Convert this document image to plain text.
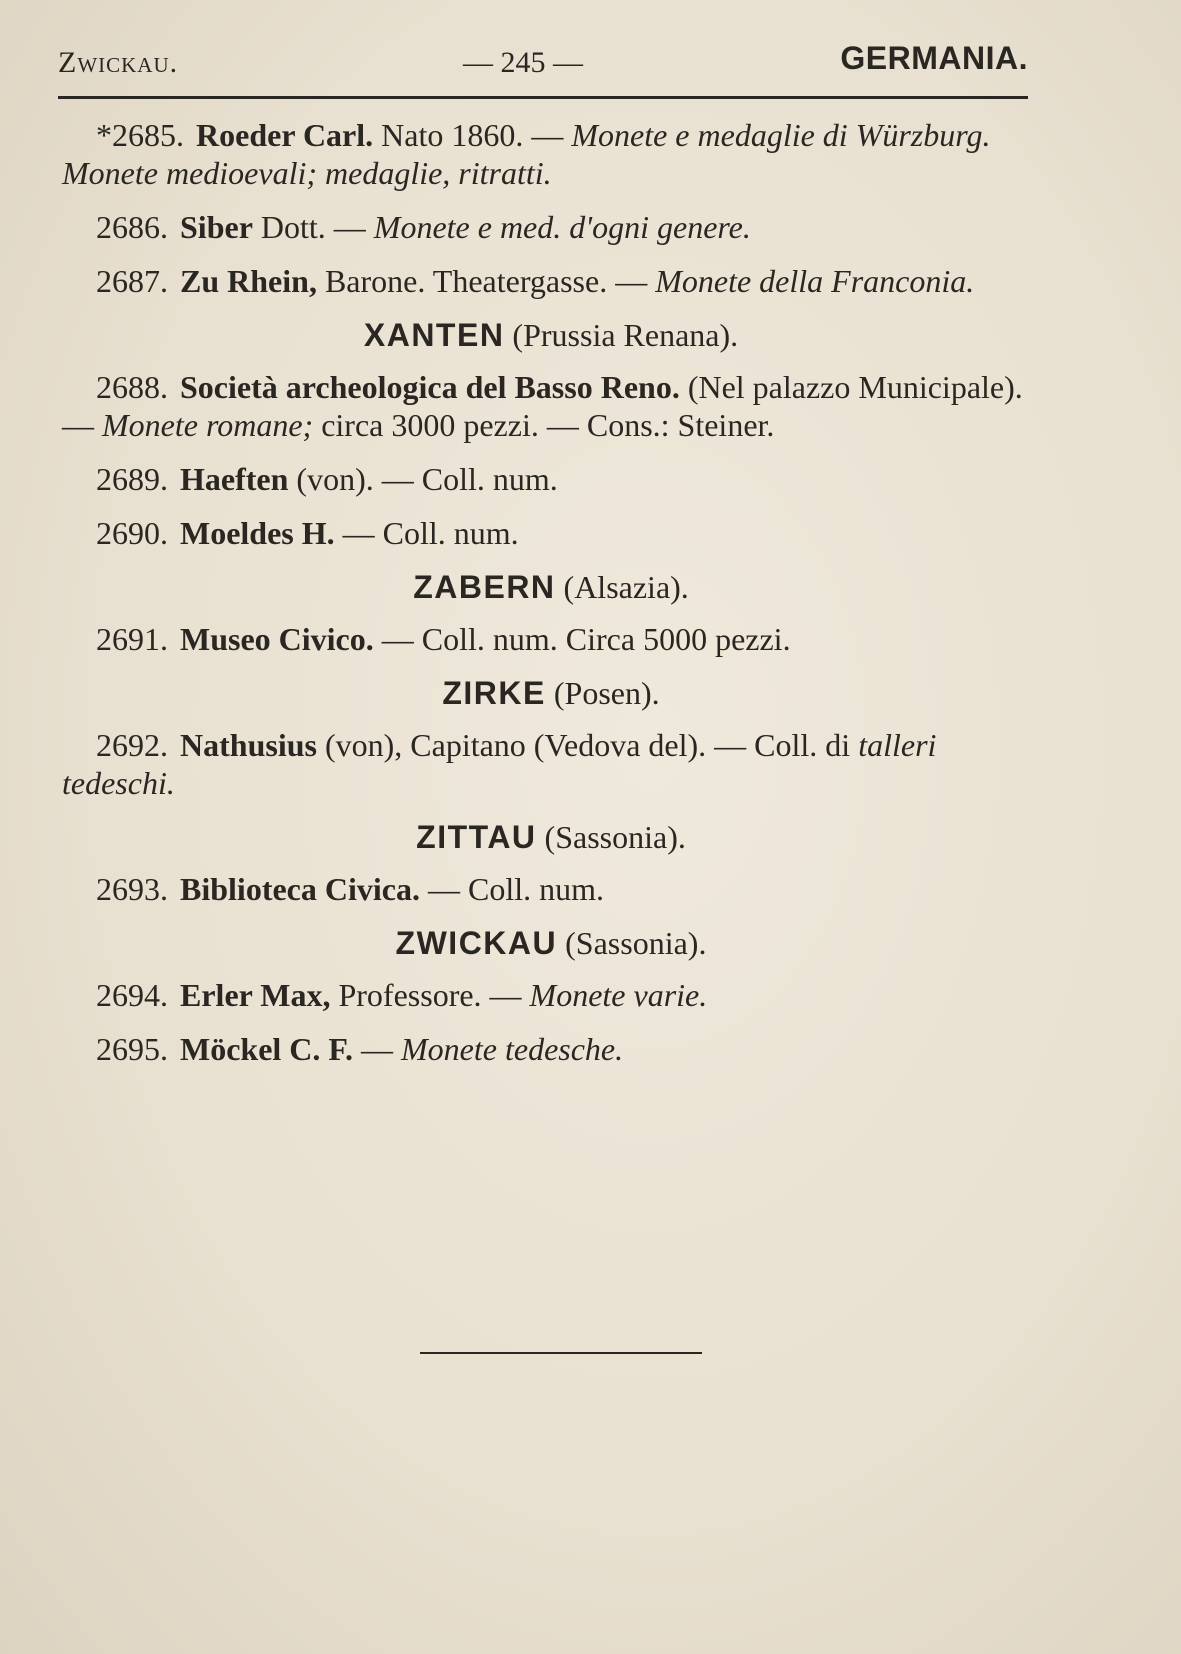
Zwickau.	— 245 —	GERMANIA.

*2685. Roeder Carl. Nato 1860. — Monete e medaglie di Würzburg. Monete medioevali; medaglie, ritratti.

2686. Siber Dott. — Monete e med. d'ogni genere.

2687. Zu Rhein, Barone. Theatergasse. — Monete della Franconia.

XANTEN (Prussia Renana).

2688. Società archeologica del Basso Reno. (Nel palazzo Municipale). — Monete romane; circa 3000 pezzi. — Cons.: Steiner.

2689. Haeften (von). — Coll. num.

2690. Moeldes H. — Coll. num.

ZABERN (Alsazia).

2691. Museo Civico. — Coll. num. Circa 5000 pezzi.

ZIRKE (Posen).

2692. Nathusius (von), Capitano (Vedova del). — Coll. di talleri tedeschi.

ZITTAU (Sassonia).

2693. Biblioteca Civica. — Coll. num.

ZWICKAU (Sassonia).

2694. Erler Max, Professore. — Monete varie.

2695. Möckel C. F. — Monete tedesche.
